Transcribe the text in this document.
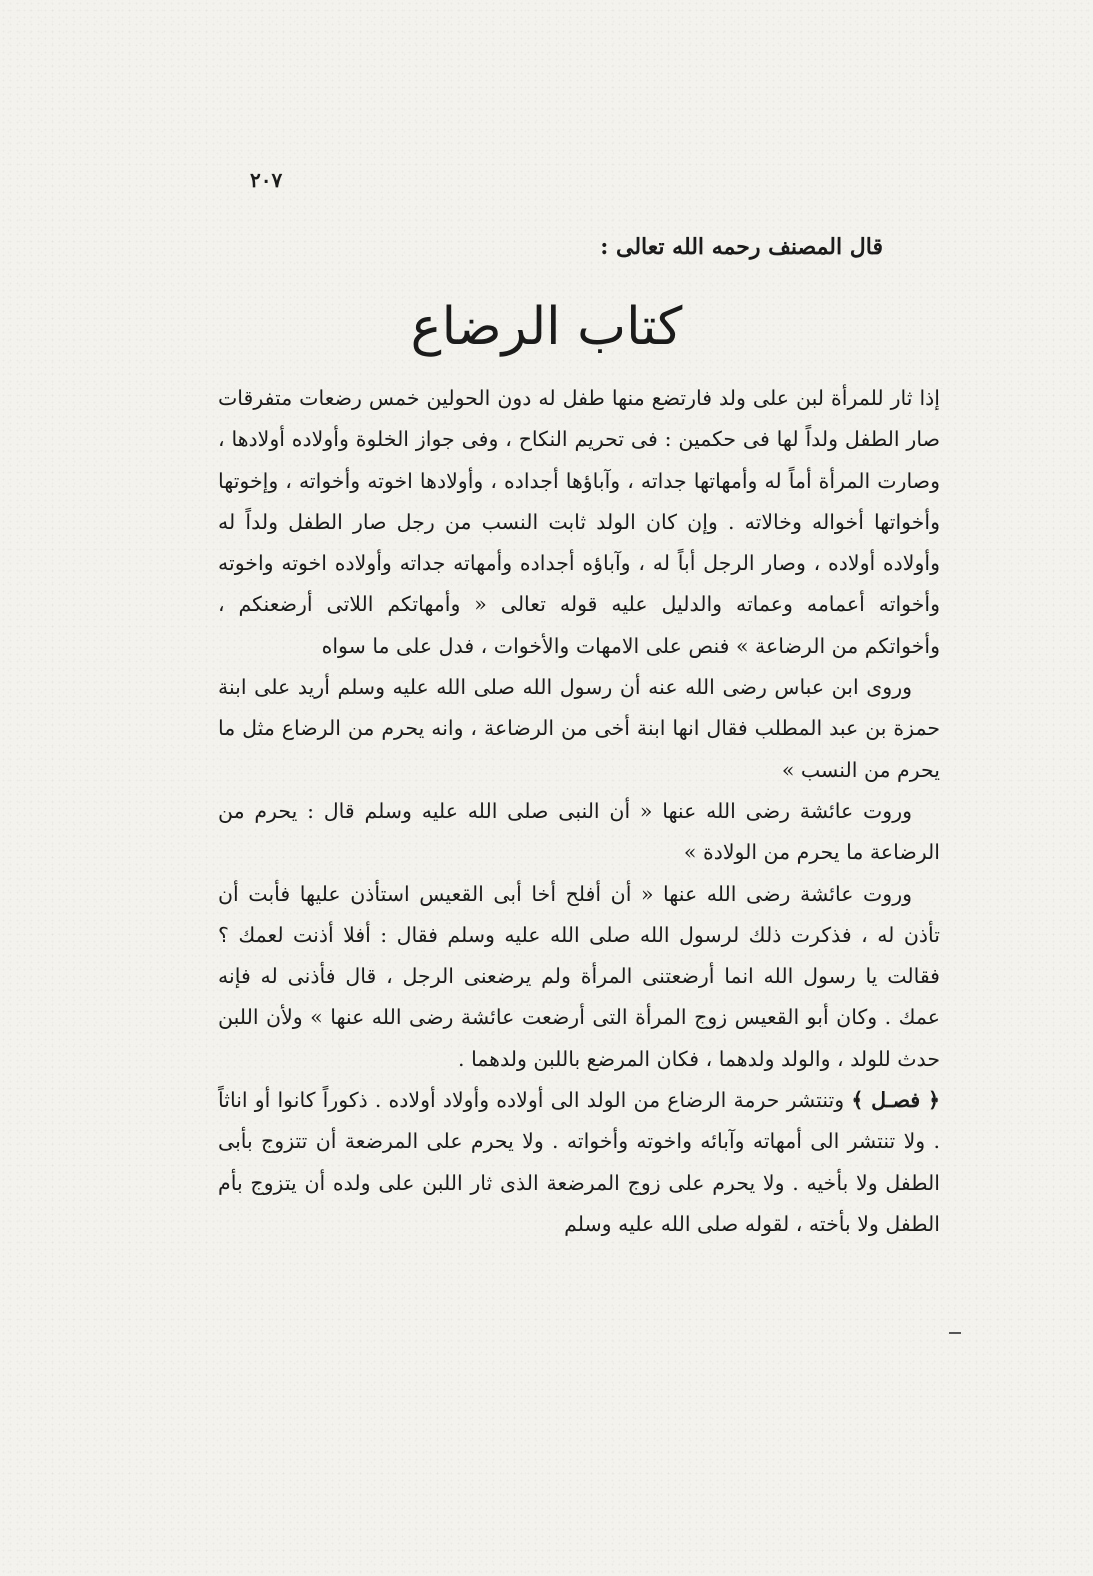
٢٠٧
قال المصنف رحمه الله تعالى :
كتاب الرضاع

إذا ثار للمرأة لبن على ولد فارتضع منها طفل له دون الحولين خمس رضعات متفرقات صار الطفل ولداً لها فى حكمين : فى تحريم النكاح ، وفى جواز الخلوة وأولاده أولادها ، وصارت المرأة أماً له وأمهاتها جداته ، وآباؤها أجداده ، وأولادها اخوته وأخواته ، وإخوتها وأخواتها أخواله وخالاته . وإن كان الولد ثابت النسب من رجل صار الطفل ولداً له وأولاده أولاده ، وصار الرجل أباً له ، وآباؤه أجداده وأمهاته جداته وأولاده اخوته واخوته وأخواته أعمامه وعماته والدليل عليه قوله تعالى « وأمهاتكم اللاتى أرضعنكم ، وأخواتكم من الرضاعة » فنص على الامهات والأخوات ، فدل على ما سواه

وروى ابن عباس رضى الله عنه أن رسول الله صلى الله عليه وسلم أريد على ابنة حمزة بن عبد المطلب فقال انها ابنة أخى من الرضاعة ، وانه يحرم من الرضاع مثل ما يحرم من النسب »

وروت عائشة رضى الله عنها « أن النبى صلى الله عليه وسلم قال : يحرم من الرضاعة ما يحرم من الولادة »

وروت عائشة رضى الله عنها « أن أفلح أخا أبى القعيس استأذن عليها فأبت أن تأذن له ، فذكرت ذلك لرسول الله صلى الله عليه وسلم فقال : أفلا أذنت لعمك ؟ فقالت يا رسول الله انما أرضعتنى المرأة ولم يرضعنى الرجل ، قال فأذنى له فإنه عمك . وكان أبو القعيس زوج المرأة التى أرضعت عائشة رضى الله عنها » ولأن اللبن حدث للولد ، والولد ولدهما ، فكان المرضع باللبن ولدهما .

﴿ فصـل ﴾ وتنتشر حرمة الرضاع من الولد الى أولاده وأولاد أولاده . ذكوراً كانوا أو اناثاً . ولا تنتشر الى أمهاته وآبائه واخوته وأخواته . ولا يحرم على المرضعة أن تتزوج بأبى الطفل ولا بأخيه . ولا يحرم على زوج المرضعة الذى ثار اللبن على ولده أن يتزوج بأم الطفل ولا بأخته ، لقوله صلى الله عليه وسلم
